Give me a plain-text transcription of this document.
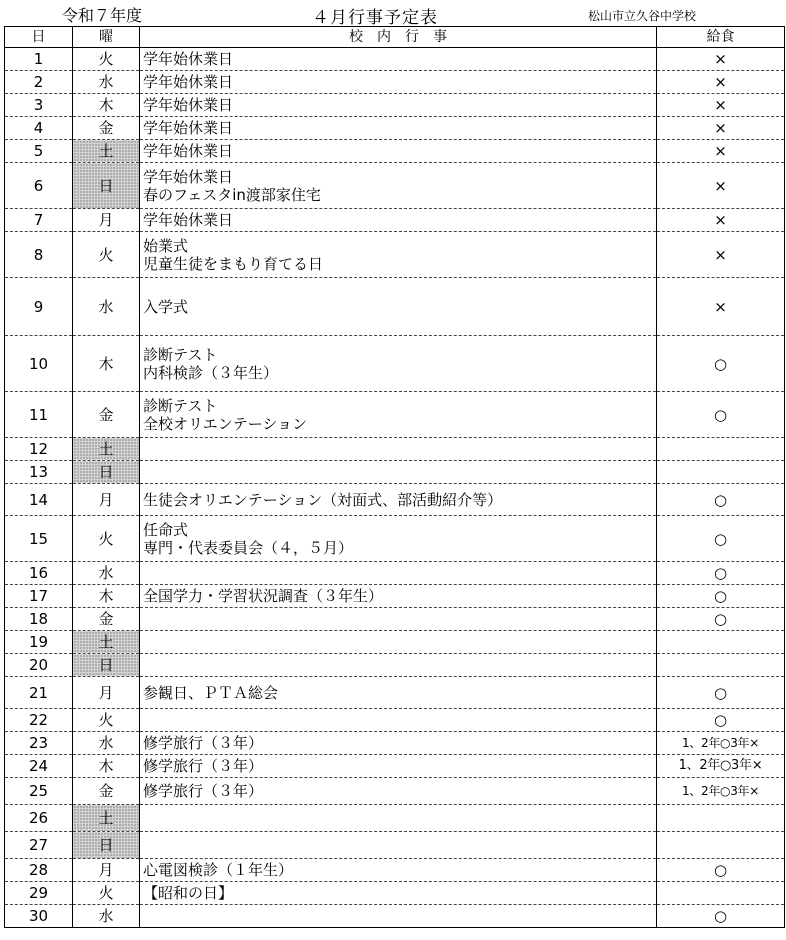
令和７年度	４月行事予定表	松山市立久谷中学校
日	曜	校　内　行　事	給食
1	火	学年始休業日	×
2	水	学年始休業日	×
3	木	学年始休業日	×
4	金	学年始休業日	×
5	土	学年始休業日	×
6	日	学年始休業日
春のフェスタin渡部家住宅	×
7	月	学年始休業日	×
8	火	始業式
児童生徒をまもり育てる日	×
9	水	入学式	×
10	木	診断テスト
内科検診（３年生）	○
11	金	診断テスト
全校オリエンテーション	○
12	土		
13	日		
14	月	生徒会オリエンテーション（対面式、部活動紹介等）	○
15	火	任命式
専門・代表委員会（４，５月）	○
16	水		○
17	木	全国学力・学習状況調査（３年生）	○
18	金		○
19	土		
20	日		
21	月	参観日、ＰＴＡ総会	○
22	火		○
23	水	修学旅行（３年）	1、2年○3年×
24	木	修学旅行（３年）	1、2年○3年×
25	金	修学旅行（３年）	1、2年○3年×
26	土		
27	日		
28	月	心電図検診（１年生）	○
29	火	【昭和の日】	

30	水		○
